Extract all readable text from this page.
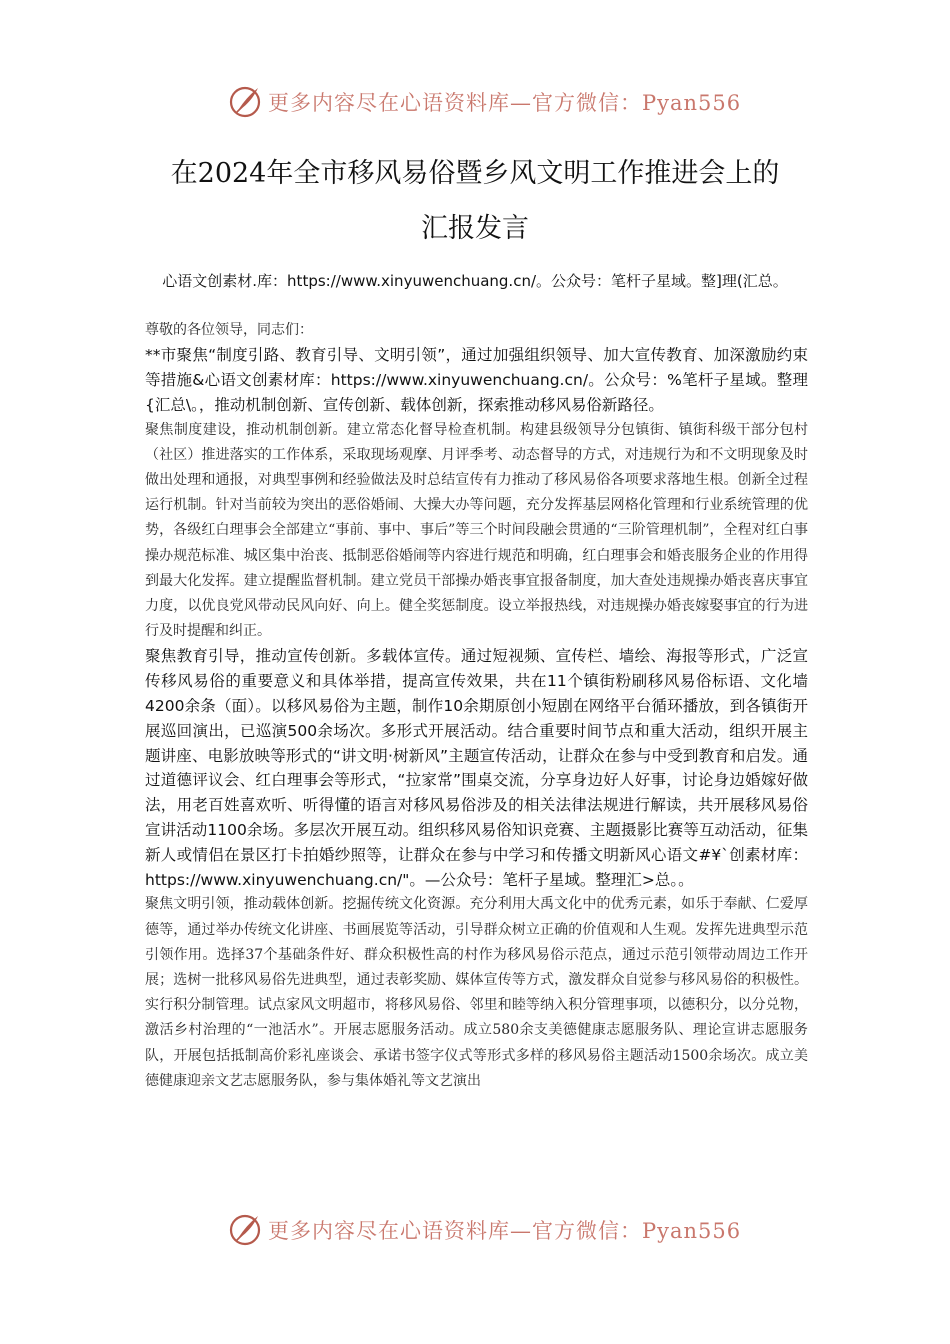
更多内容尽在心语资料库—官方微信：Pyan556
在2024年全市移风易俗暨乡风文明工作推进会上的
汇报发言
心语文创素材.库：https://www.xinyuwenchuang.cn/。公众号：笔杆子星域。整]理(汇总。

尊敬的各位领导，同志们：

**市聚焦“制度引路、教育引导、文明引领”，通过加强组织领导、加大宣传教育、加深激励约束等措施&心语文创素材库：https://www.xinyuwenchuang.cn/。公众号：%笔杆子星域。整理{汇总\。，推动机制创新、宣传创新、载体创新，探索推动移风易俗新路径。

聚焦制度建设，推动机制创新。建立常态化督导检查机制。构建县级领导分包镇街、镇街科级干部分包村（社区）推进落实的工作体系，采取现场观摩、月评季考、动态督导的方式，对违规行为和不文明现象及时做出处理和通报，对典型事例和经验做法及时总结宣传有力推动了移风易俗各项要求落地生根。创新全过程运行机制。针对当前较为突出的恶俗婚闹、大操大办等问题，充分发挥基层网格化管理和行业系统管理的优势，各级红白理事会全部建立“事前、事中、事后”等三个时间段融会贯通的“三阶管理机制”，全程对红白事操办规范标准、城区集中治丧、抵制恶俗婚闹等内容进行规范和明确，红白理事会和婚丧服务企业的作用得到最大化发挥。建立提醒监督机制。建立党员干部操办婚丧事宜报备制度，加大查处违规操办婚丧喜庆事宜力度，以优良党风带动民风向好、向上。健全奖惩制度。设立举报热线，对违规操办婚丧嫁娶事宜的行为进行及时提醒和纠正。

聚焦教育引导，推动宣传创新。多载体宣传。通过短视频、宣传栏、墙绘、海报等形式，广泛宣传移风易俗的重要意义和具体举措，提高宣传效果，共在11个镇街粉刷移风易俗标语、文化墙4200余条（面）。以移风易俗为主题，制作10余期原创小短剧在网络平台循环播放，到各镇街开展巡回演出，已巡演500余场次。多形式开展活动。结合重要时间节点和重大活动，组织开展主题讲座、电影放映等形式的“讲文明·树新风”主题宣传活动，让群众在参与中受到教育和启发。通过道德评议会、红白理事会等形式，“拉家常”围桌交流，分享身边好人好事，讨论身边婚嫁好做法，用老百姓喜欢听、听得懂的语言对移风易俗涉及的相关法律法规进行解读，共开展移风易俗宣讲活动1100余场。多层次开展互动。组织移风易俗知识竞赛、主题摄影比赛等互动活动，征集新人或情侣在景区打卡拍婚纱照等，让群众在参与中学习和传播文明新风心语文#¥`创素材库：https://www.xinyuwenchuang.cn/"。—公众号：笔杆子星域。整理汇>总。。

聚焦文明引领，推动载体创新。挖掘传统文化资源。充分利用大禹文化中的优秀元素，如乐于奉献、仁爱厚德等，通过举办传统文化讲座、书画展览等活动，引导群众树立正确的价值观和人生观。发挥先进典型示范引领作用。选择37个基础条件好、群众积极性高的村作为移风易俗示范点，通过示范引领带动周边工作开展；选树一批移风易俗先进典型，通过表彰奖励、媒体宣传等方式，激发群众自觉参与移风易俗的积极性。实行积分制管理。试点家风文明超市，将移风易俗、邻里和睦等纳入积分管理事项，以德积分，以分兑物，激活乡村治理的“一池活水”。开展志愿服务活动。成立580余支美德健康志愿服务队、理论宣讲志愿服务队，开展包括抵制高价彩礼座谈会、承诺书签字仪式等形式多样的移风易俗主题活动1500余场次。成立美德健康迎亲文艺志愿服务队，参与集体婚礼等文艺演出

更多内容尽在心语资料库—官方微信：Pyan556
